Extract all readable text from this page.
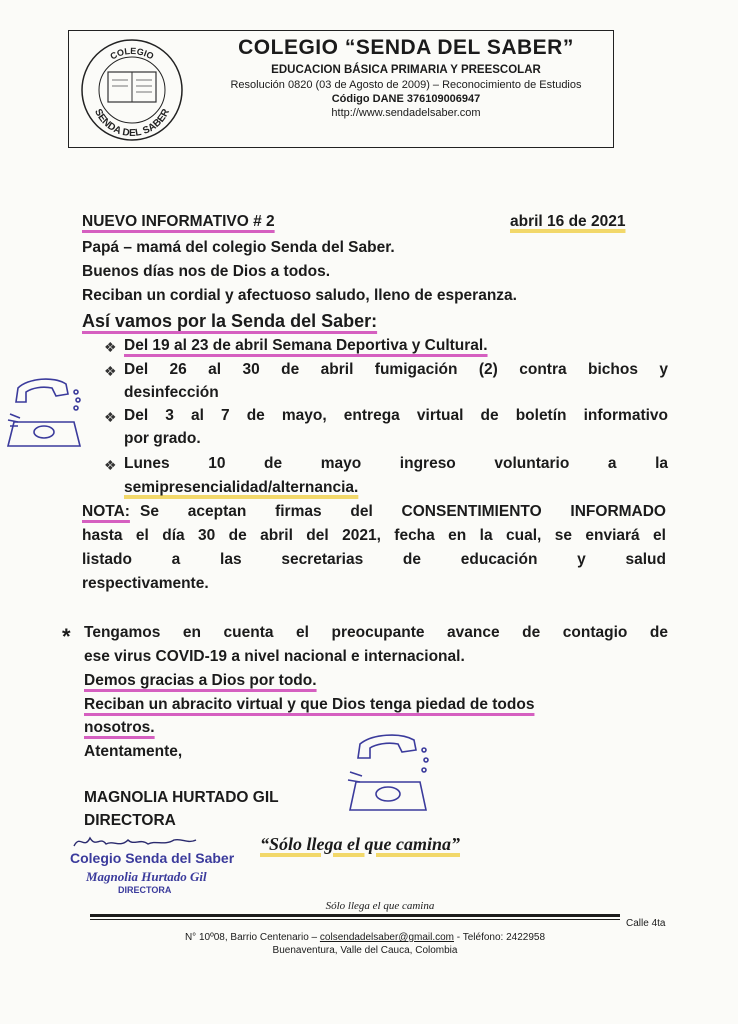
COLEGIO
SENDA DEL SABER
COLEGIO “SENDA DEL SABER”
EDUCACION BÁSICA PRIMARIA Y PREESCOLAR
Resolución 0820 (03 de Agosto de 2009) – Reconocimiento de Estudios
Código DANE 376109006947
http://www.sendadelsaber.com
NUEVO INFORMATIVO # 2	abril 16 de 2021
Papá – mamá del colegio Senda del Saber.
Buenos días nos de Dios a todos.
Reciban un cordial y afectuoso saludo, lleno de esperanza.
Así vamos por la Senda del Saber:
❖ Del 19 al 23 de abril Semana Deportiva y Cultural.
❖ Del 26 al 30 de abril fumigación (2) contra bichos y
desinfección
❖ Del 3 al 7 de mayo, entrega virtual de boletín informativo
por grado.
❖ Lunes 10 de mayo ingreso voluntario a la
semipresencialidad/alternancia.
NOTA: Se aceptan firmas del CONSENTIMIENTO INFORMADO
hasta el día 30 de abril del 2021, fecha en la cual, se enviará el
listado a las secretarias de educación y salud
respectivamente.
* Tengamos en cuenta el preocupante avance de contagio de
ese virus COVID-19 a nivel nacional e internacional.
Demos gracias a Dios por todo.
Reciban un abracito virtual y que Dios tenga piedad de todos
nosotros.
Atentamente,
MAGNOLIA HURTADO GIL
DIRECTORA
Colegio Senda del Saber
Magnolia Hurtado Gil
DIRECTORA
“Sólo llega el que camina”
Sólo llega el que camina
Calle 4ta
N° 10º08, Barrio Centenario – colsendadelsaber@gmail.com - Teléfono: 2422958
Buenaventura, Valle del Cauca, Colombia
